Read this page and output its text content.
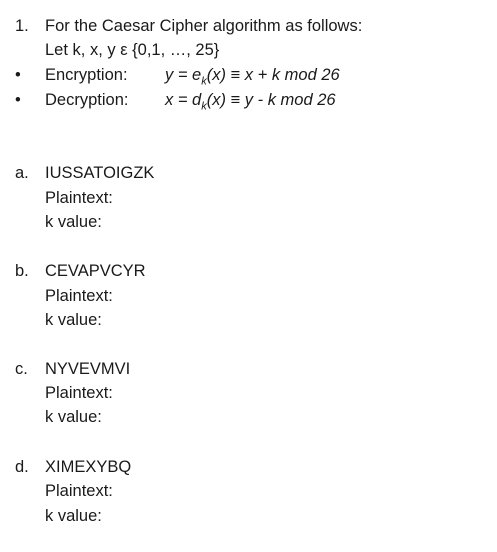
1. For the Caesar Cipher algorithm as follows:
Let k, x, y ε {0,1, …, 25}
• Encryption: $y = e_k(x) \equiv x + k$ mod 26
• Decryption: $x = d_k(x) \equiv y - k$ mod 26
a. IUSSATOIGZK
Plaintext:
k value:
b. CEVAPVCYR
Plaintext:
k value:
c. NYVEVMVI
Plaintext:
k value:
d. XIMEXYBQ
Plaintext:
k value:
